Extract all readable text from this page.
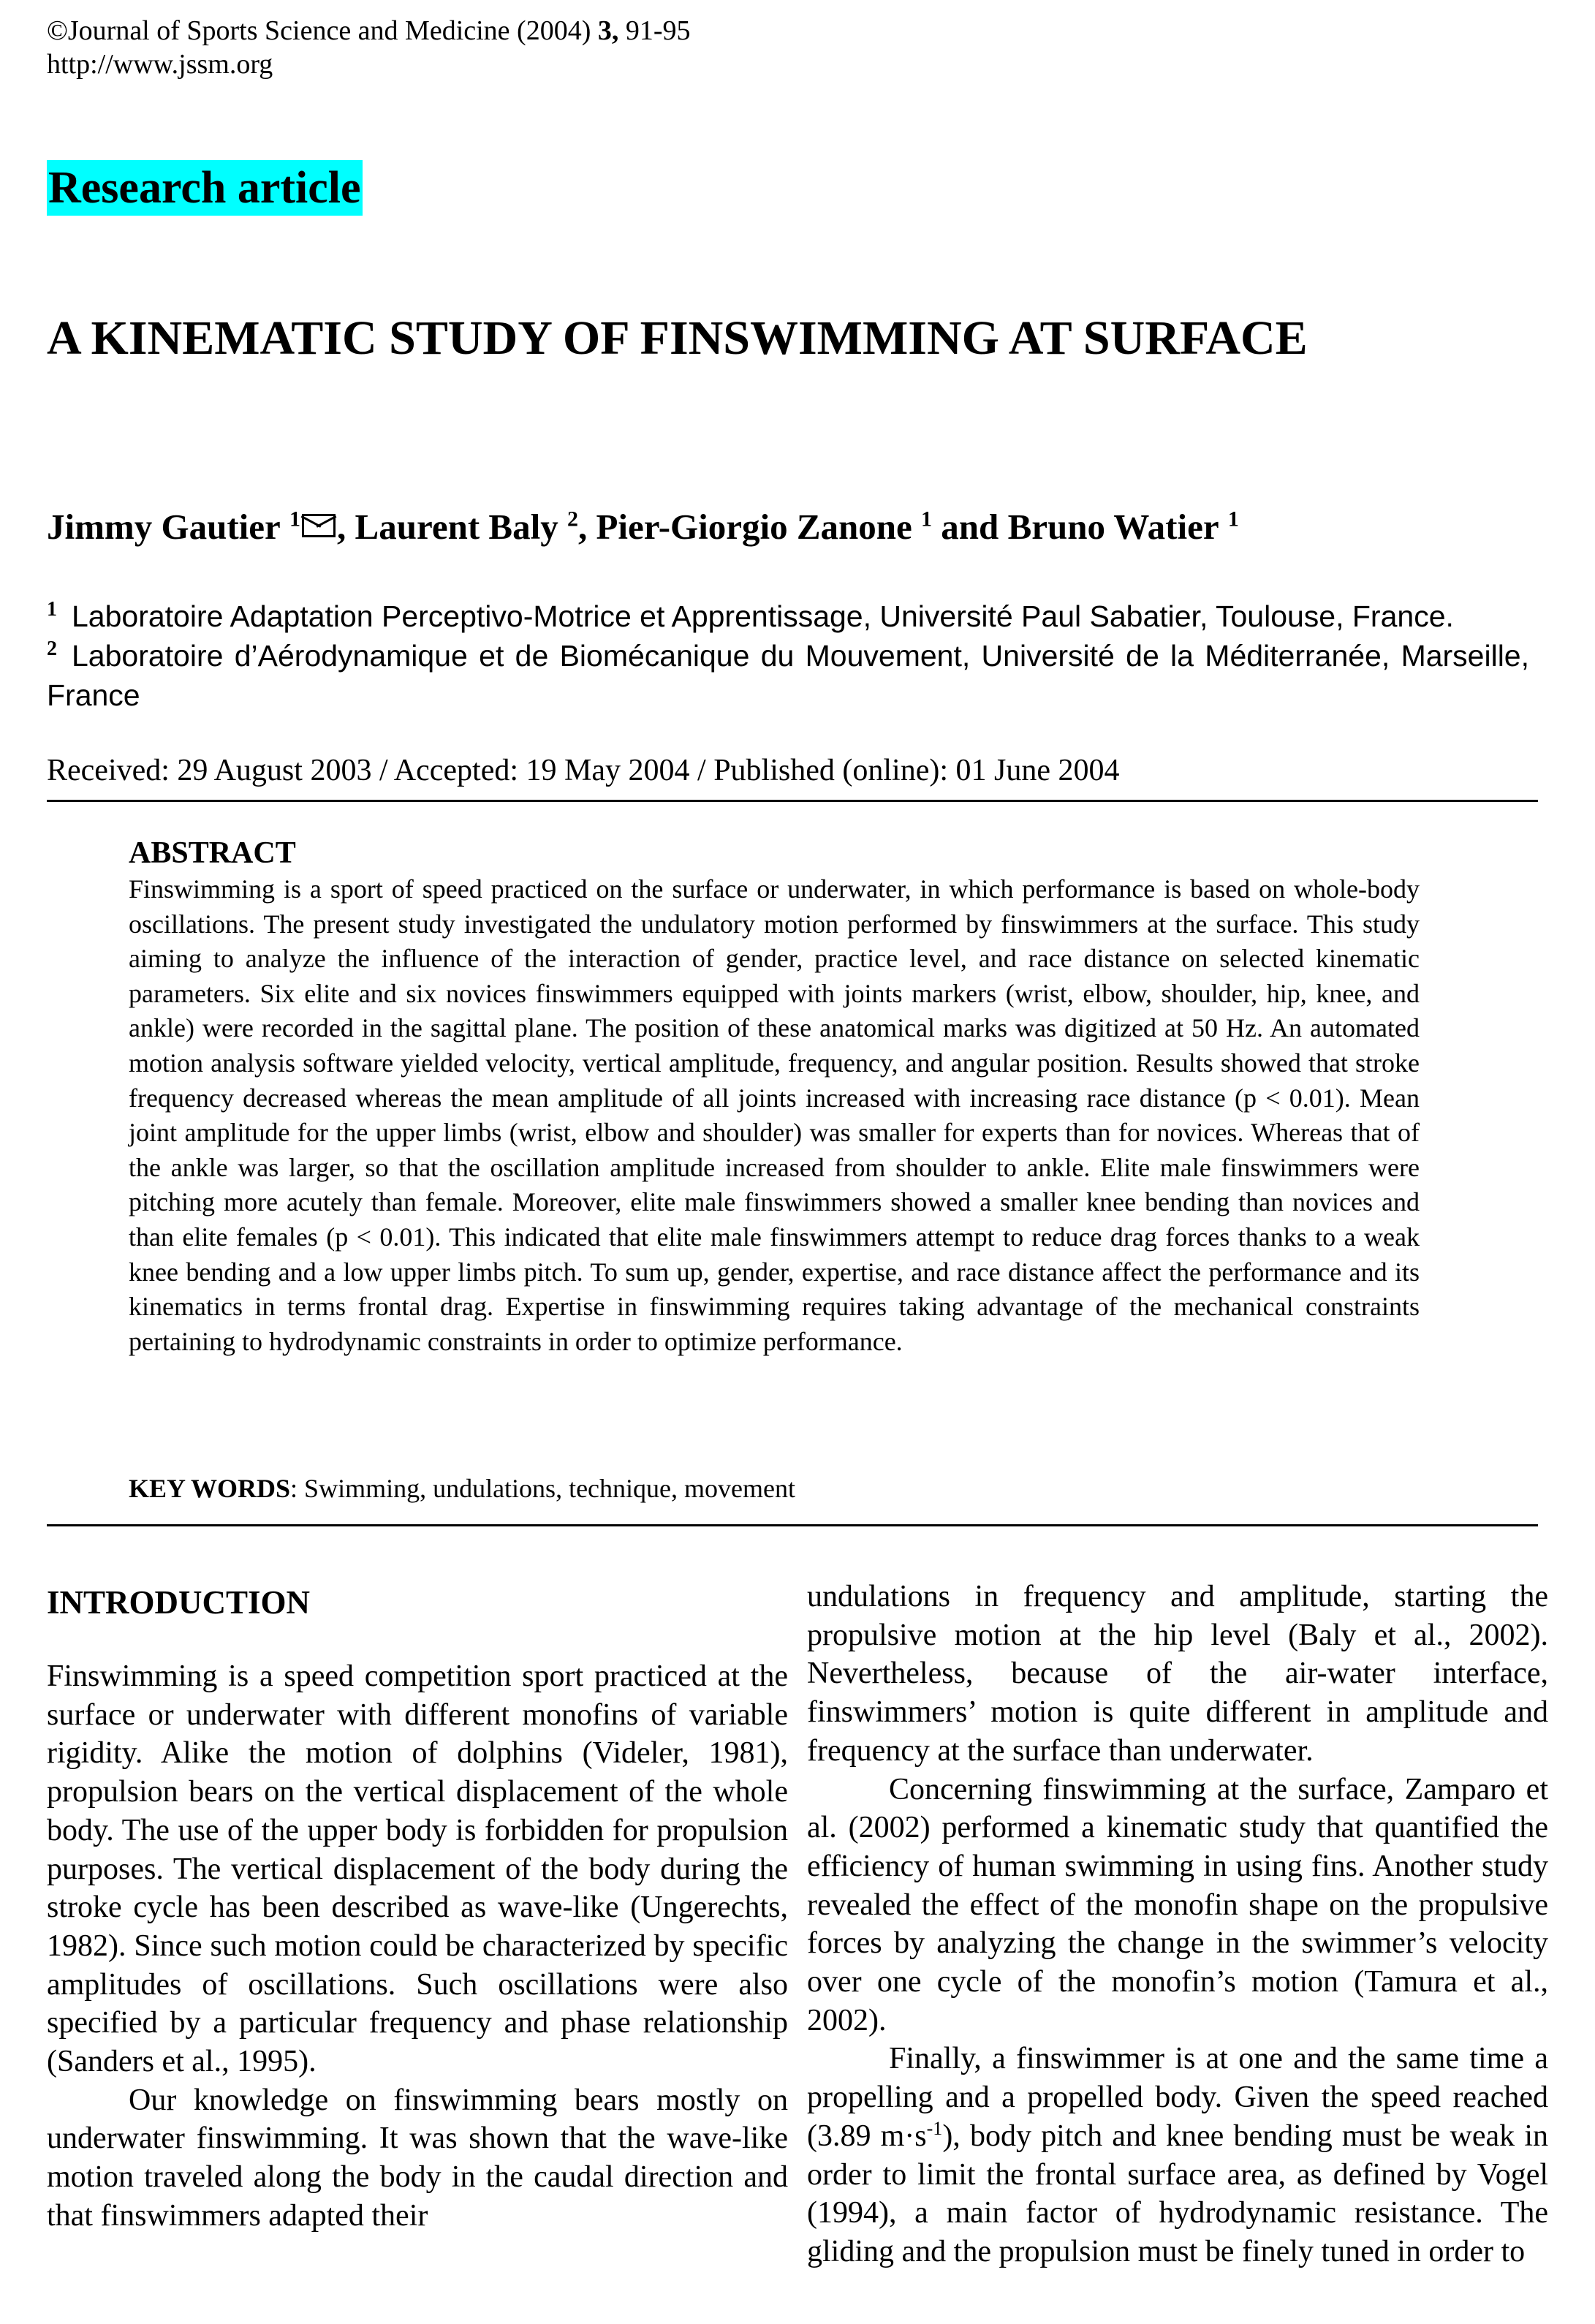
©Journal of Sports Science and Medicine (2004) 3, 91-95
http://www.jssm.org
Research article
A KINEMATIC STUDY OF FINSWIMMING AT SURFACE
Jimmy Gautier $^1$ , Laurent Baly $^2$, Pier-Giorgio Zanone $^1$ and Bruno Watier $^1$
$^1$ Laboratoire Adaptation Perceptivo-Motrice et Apprentissage, Université Paul Sabatier, Toulouse, France.
$^2$ Laboratoire d’Aérodynamique et de Biomécanique du Mouvement, Université de la Méditerranée, Marseille, France
Received: 29 August 2003 / Accepted: 19 May 2004 / Published (online): 01 June 2004
ABSTRACT
Finswimming is a sport of speed practiced on the surface or underwater, in which performance is based on whole-body oscillations. The present study investigated the undulatory motion performed by finswimmers at the surface. This study aiming to analyze the influence of the interaction of gender, practice level, and race distance on selected kinematic parameters. Six elite and six novices finswimmers equipped with joints markers (wrist, elbow, shoulder, hip, knee, and ankle) were recorded in the sagittal plane. The position of these anatomical marks was digitized at 50 Hz. An automated motion analysis software yielded velocity, vertical amplitude, frequency, and angular position. Results showed that stroke frequency decreased whereas the mean amplitude of all joints increased with increasing race distance (p < 0.01). Mean joint amplitude for the upper limbs (wrist, elbow and shoulder) was smaller for experts than for novices. Whereas that of the ankle was larger, so that the oscillation amplitude increased from shoulder to ankle. Elite male finswimmers were pitching more acutely than female. Moreover, elite male finswimmers showed a smaller knee bending than novices and than elite females (p < 0.01). This indicated that elite male finswimmers attempt to reduce drag forces thanks to a weak knee bending and a low upper limbs pitch. To sum up, gender, expertise, and race distance affect the performance and its kinematics in terms frontal drag. Expertise in finswimming requires taking advantage of the mechanical constraints pertaining to hydrodynamic constraints in order to optimize performance.
KEY WORDS: Swimming, undulations, technique, movement
INTRODUCTION

Finswimming is a speed competition sport practiced at the surface or underwater with different monofins of variable rigidity. Alike the motion of dolphins (Videler, 1981), propulsion bears on the vertical displacement of the whole body. The use of the upper body is forbidden for propulsion purposes. The vertical displacement of the body during the stroke cycle has been described as wave-like (Ungerechts, 1982). Since such motion could be characterized by specific amplitudes of oscillations. Such oscillations were also specified by a particular frequency and phase relationship (Sanders et al., 1995).

Our knowledge on finswimming bears mostly on underwater finswimming. It was shown that the wave-like motion traveled along the body in the caudal direction and that finswimmers adapted their

undulations in frequency and amplitude, starting the propulsive motion at the hip level (Baly et al., 2002). Nevertheless, because of the air-water interface, finswimmers’ motion is quite different in amplitude and frequency at the surface than underwater.

Concerning finswimming at the surface, Zamparo et al. (2002) performed a kinematic study that quantified the efficiency of human swimming in using fins. Another study revealed the effect of the monofin shape on the propulsive forces by analyzing the change in the swimmer’s velocity over one cycle of the monofin’s motion (Tamura et al., 2002).

Finally, a finswimmer is at one and the same time a propelling and a propelled body. Given the speed reached (3.89 $m\cdot s^{-1}$), body pitch and knee bending must be weak in order to limit the frontal surface area, as defined by Vogel (1994), a main factor of hydrodynamic resistance. The gliding and the propulsion must be finely tuned in order to
